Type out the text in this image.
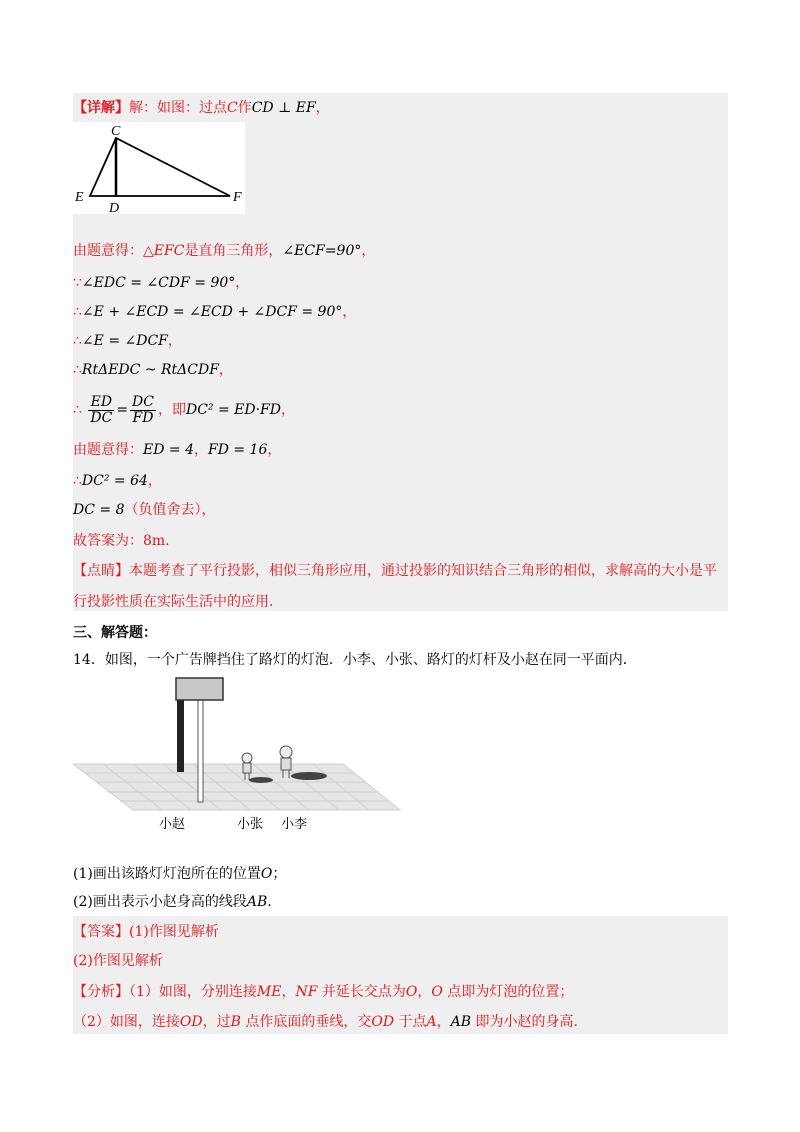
【详解】解：如图：过点C作CD ⊥ EF，
C
E
D
F
由题意得：△EFC是直角三角形，∠ECF=90°，
∵∠EDC = ∠CDF = 90°，
∴∠E + ∠ECD = ∠ECD + ∠DCF = 90°，
∴∠E = ∠DCF，
∴RtΔEDC ~ RtΔCDF，
∴ $\frac{ED}{DC} = \frac{DC}{FD}$ ，即DC² = ED·FD，
由题意得：ED = 4，FD = 16，
∴DC² = 64，
DC = 8（负值舍去），
故答案为：8m.
【点睛】本题考查了平行投影，相似三角形应用，通过投影的知识结合三角形的相似，求解高的大小是平
行投影性质在实际生活中的应用.
三、解答题：
14．如图，一个广告牌挡住了路灯的灯泡．小李、小张、路灯的灯杆及小赵在同一平面内．
小赵	小张 小李
(1)画出该路灯灯泡所在的位置O；
(2)画出表示小赵身高的线段AB.
【答案】(1)作图见解析
(2)作图见解析
【分析】（1）如图，分别连接ME，NF 并延长交点为O，O 点即为灯泡的位置；
（2）如图，连接OD，过B 点作底面的垂线，交OD 于点A，AB 即为小赵的身高.
